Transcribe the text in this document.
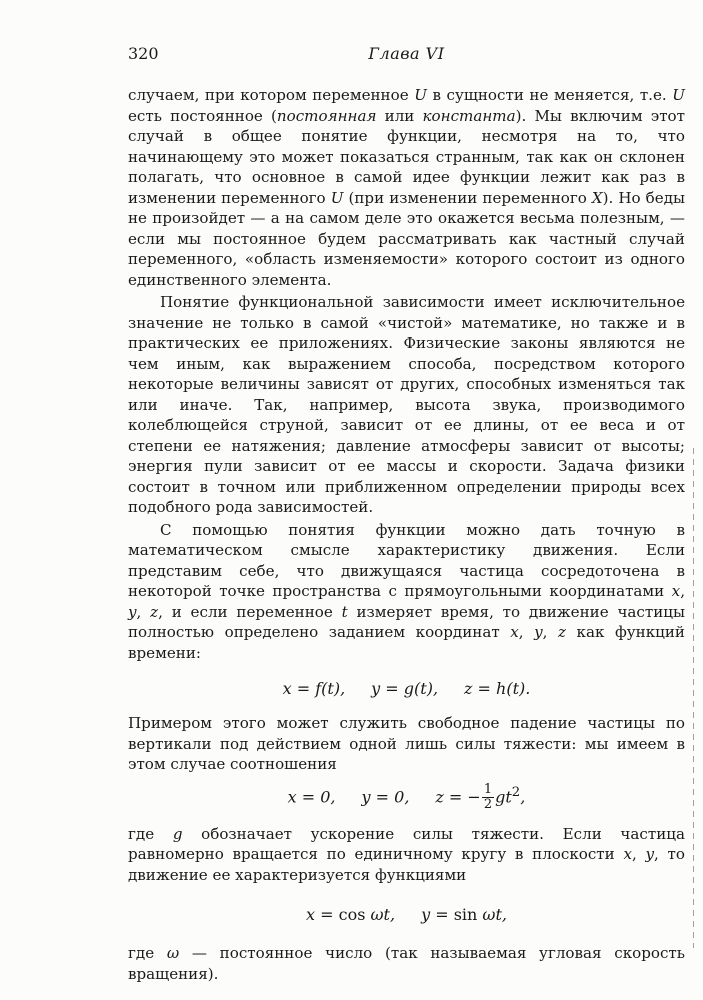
320	Глава VI

случаем, при котором переменное U в сущности не меняется, т.е. U есть постоянное (постоянная или константа). Мы включим этот случай в общее понятие функции, несмотря на то, что начинающему это может показаться странным, так как он склонен полагать, что основное в самой идее функции лежит как раз в изменении переменного U (при изменении переменного X). Но беды не произойдет — а на самом деле это окажется весьма полезным, — если мы постоянное будем рассматривать как частный случай переменного, «область изменяемости» которого состоит из одного единственного элемента.

Понятие функциональной зависимости имеет исключительное значение не только в самой «чистой» математике, но также и в практических ее приложениях. Физические законы являются не чем иным, как выражением способа, посредством которого некоторые величины зависят от других, способных изменяться так или иначе. Так, например, высота звука, производимого колеблющейся струной, зависит от ее длины, от ее веса и от степени ее натяжения; давление атмосферы зависит от высоты; энергия пули зависит от ее массы и скорости. Задача физики состоит в точном или приближенном определении природы всех подобного рода зависимостей.

С помощью понятия функции можно дать точную в математическом смысле характеристику движения. Если представим себе, что движущаяся частица сосредоточена в некоторой точке пространства с прямоугольными координатами x, y, z, и если переменное t измеряет время, то движение частицы полностью определено заданием координат x, y, z как функций времени:

x = f(t), y = g(t), z = h(t).

Примером этого может служить свободное падение частицы по вертикали под действием одной лишь силы тяжести: мы имеем в этом случае соотношения

x = 0, y = 0, z = − $\frac{1}{2} gt^2$,

где g обозначает ускорение силы тяжести. Если частица равномерно вращается по единичному кругу в плоскости x, y, то движение ее характеризуется функциями

x = cos ωt, y = sin ωt,

где ω — постоянное число (так называемая угловая скорость вращения).
